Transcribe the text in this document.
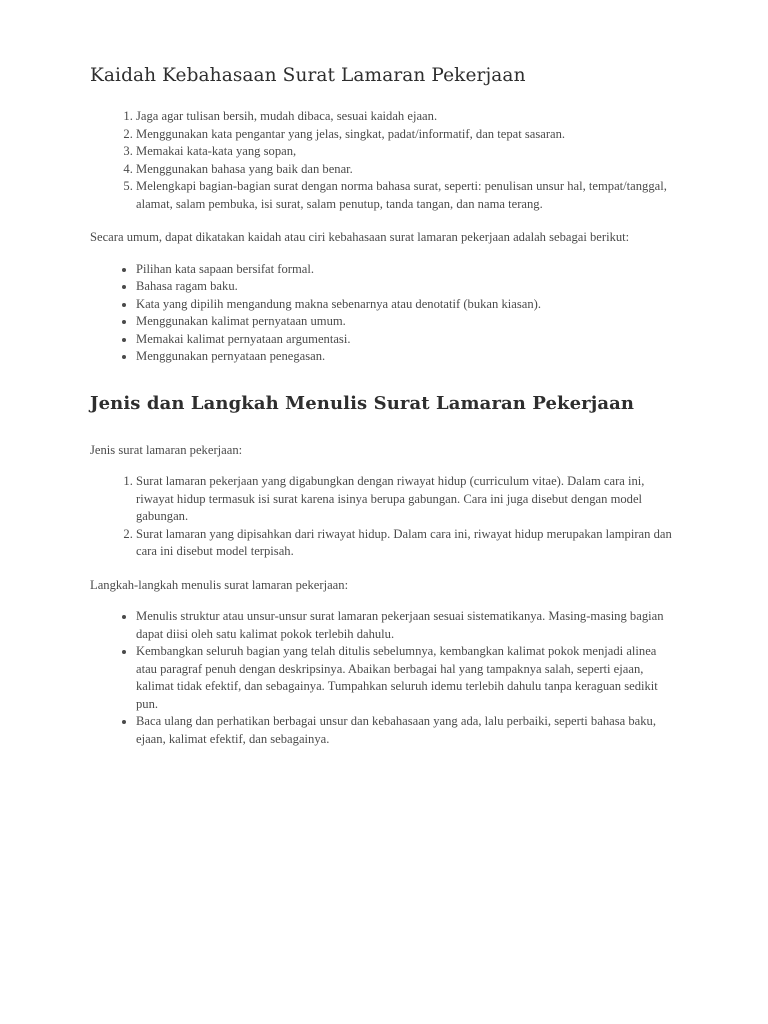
Kaidah Kebahasaan Surat Lamaran Pekerjaan
1. Jaga agar tulisan bersih, mudah dibaca, sesuai kaidah ejaan.
2. Menggunakan kata pengantar yang jelas, singkat, padat/informatif, dan tepat sasaran.
3. Memakai kata-kata yang sopan,
4. Menggunakan bahasa yang baik dan benar.
5. Melengkapi bagian-bagian surat dengan norma bahasa surat, seperti: penulisan unsur hal, tempat/tanggal, alamat, salam pembuka, isi surat, salam penutup, tanda tangan, dan nama terang.

Secara umum, dapat dikatakan kaidah atau ciri kebahasaan surat lamaran pekerjaan adalah sebagai berikut:

• Pilihan kata sapaan bersifat formal.
• Bahasa ragam baku.
• Kata yang dipilih mengandung makna sebenarnya atau denotatif (bukan kiasan).
• Menggunakan kalimat pernyataan umum.
• Memakai kalimat pernyataan argumentasi.
• Menggunakan pernyataan penegasan.
Jenis dan Langkah Menulis Surat Lamaran Pekerjaan

Jenis surat lamaran pekerjaan:

1. Surat lamaran pekerjaan yang digabungkan dengan riwayat hidup (curriculum vitae). Dalam cara ini, riwayat hidup termasuk isi surat karena isinya berupa gabungan. Cara ini juga disebut dengan model gabungan.
2. Surat lamaran yang dipisahkan dari riwayat hidup. Dalam cara ini, riwayat hidup merupakan lampiran dan cara ini disebut model terpisah.

Langkah-langkah menulis surat lamaran pekerjaan:

• Menulis struktur atau unsur-unsur surat lamaran pekerjaan sesuai sistematikanya. Masing-masing bagian dapat diisi oleh satu kalimat pokok terlebih dahulu.
• Kembangkan seluruh bagian yang telah ditulis sebelumnya, kembangkan kalimat pokok menjadi alinea atau paragraf penuh dengan deskripsinya. Abaikan berbagai hal yang tampaknya salah, seperti ejaan, kalimat tidak efektif, dan sebagainya. Tumpahkan seluruh idemu terlebih dahulu tanpa keraguan sedikit pun.
• Baca ulang dan perhatikan berbagai unsur dan kebahasaan yang ada, lalu perbaiki, seperti bahasa baku, ejaan, kalimat efektif, dan sebagainya.
